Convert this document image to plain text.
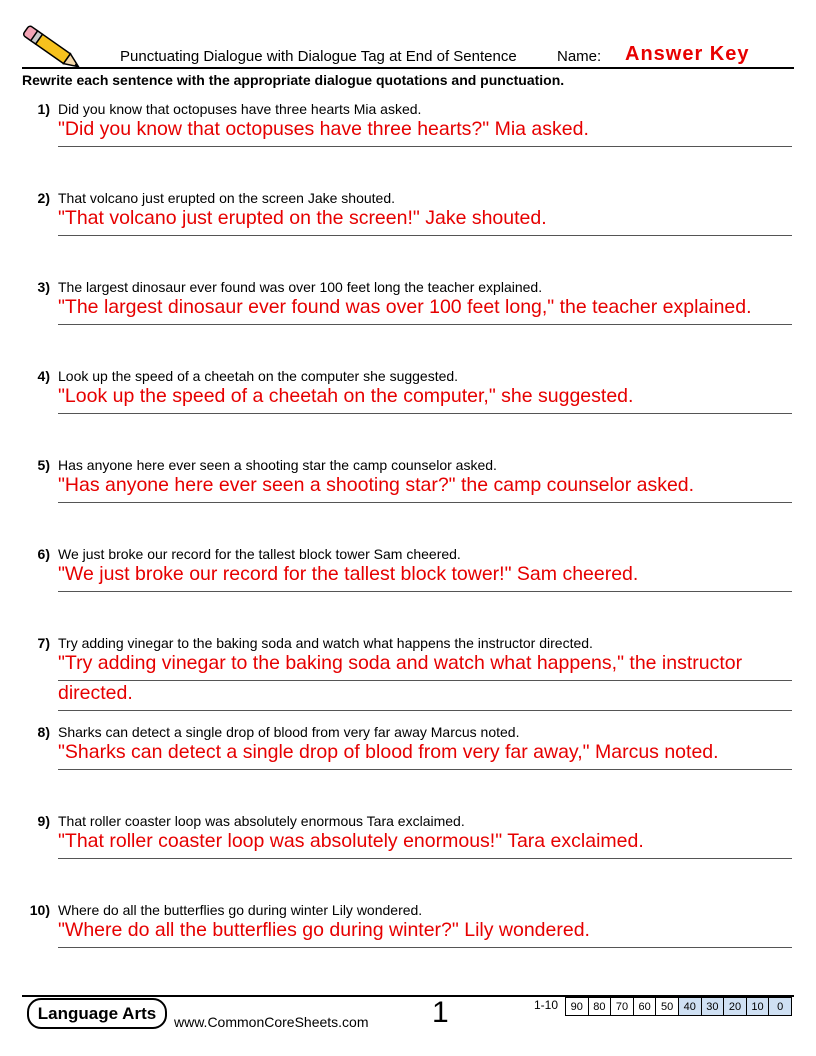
Punctuating Dialogue with Dialogue Tag at End of Sentence	Name: Answer Key
Rewrite each sentence with the appropriate dialogue quotations and punctuation.
1) Did you know that octopuses have three hearts Mia asked.
"Did you know that octopuses have three hearts?" Mia asked.
2) That volcano just erupted on the screen Jake shouted.
"That volcano just erupted on the screen!" Jake shouted.
3) The largest dinosaur ever found was over 100 feet long the teacher explained.
"The largest dinosaur ever found was over 100 feet long," the teacher explained.
4) Look up the speed of a cheetah on the computer she suggested.
"Look up the speed of a cheetah on the computer," she suggested.
5) Has anyone here ever seen a shooting star the camp counselor asked.
"Has anyone here ever seen a shooting star?" the camp counselor asked.
6) We just broke our record for the tallest block tower Sam cheered.
"We just broke our record for the tallest block tower!" Sam cheered.
7) Try adding vinegar to the baking soda and watch what happens the instructor directed.
"Try adding vinegar to the baking soda and watch what happens," the instructor directed.
8) Sharks can detect a single drop of blood from very far away Marcus noted.
"Sharks can detect a single drop of blood from very far away," Marcus noted.
9) That roller coaster loop was absolutely enormous Tara exclaimed.
"That roller coaster loop was absolutely enormous!" Tara exclaimed.
10) Where do all the butterflies go during winter Lily wondered.
"Where do all the butterflies go during winter?" Lily wondered.
Language Arts	www.CommonCoreSheets.com 1	1-10 90	80	70	60	50	40	30	20	10	0
